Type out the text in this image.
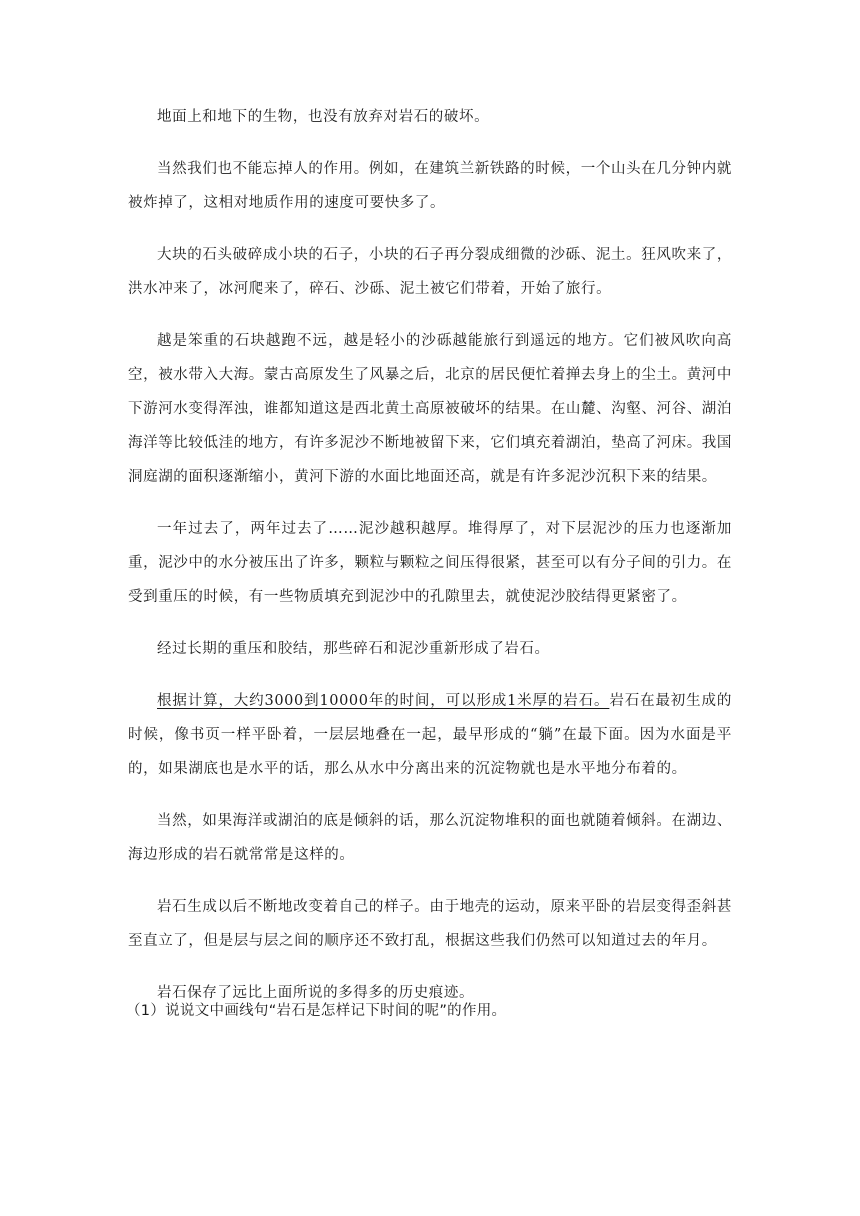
地面上和地下的生物，也没有放弃对岩石的破坏。

当然我们也不能忘掉人的作用。例如，在建筑兰新铁路的时候，一个山头在几分钟内就被炸掉了，这相对地质作用的速度可要快多了。

大块的石头破碎成小块的石子，小块的石子再分裂成细微的沙砾、泥土。狂风吹来了，洪水冲来了，冰河爬来了，碎石、沙砾、泥土被它们带着，开始了旅行。

越是笨重的石块越跑不远，越是轻小的沙砾越能旅行到遥远的地方。它们被风吹向高空，被水带入大海。蒙古高原发生了风暴之后，北京的居民便忙着掸去身上的尘土。黄河中下游河水变得浑浊，谁都知道这是西北黄土高原被破坏的结果。在山麓、沟壑、河谷、湖泊海洋等比较低洼的地方，有许多泥沙不断地被留下来，它们填充着湖泊，垫高了河床。我国洞庭湖的面积逐渐缩小，黄河下游的水面比地面还高，就是有许多泥沙沉积下来的结果。

一年过去了，两年过去了……泥沙越积越厚。堆得厚了，对下层泥沙的压力也逐渐加重，泥沙中的水分被压出了许多，颗粒与颗粒之间压得很紧，甚至可以有分子间的引力。在受到重压的时候，有一些物质填充到泥沙中的孔隙里去，就使泥沙胶结得更紧密了。

经过长期的重压和胶结，那些碎石和泥沙重新形成了岩石。

根据计算，大约3000到10000年的时间，可以形成1米厚的岩石。岩石在最初生成的时候，像书页一样平卧着，一层层地叠在一起，最早形成的“躺”在最下面。因为水面是平的，如果湖底也是水平的话，那么从水中分离出来的沉淀物就也是水平地分布着的。

当然，如果海洋或湖泊的底是倾斜的话，那么沉淀物堆积的面也就随着倾斜。在湖边、海边形成的岩石就常常是这样的。

岩石生成以后不断地改变着自己的样子。由于地壳的运动，原来平卧的岩层变得歪斜甚至直立了，但是层与层之间的顺序还不致打乱，根据这些我们仍然可以知道过去的年月。

岩石保存了远比上面所说的多得多的历史痕迹。

（1）说说文中画线句“岩石是怎样记下时间的呢”的作用。
